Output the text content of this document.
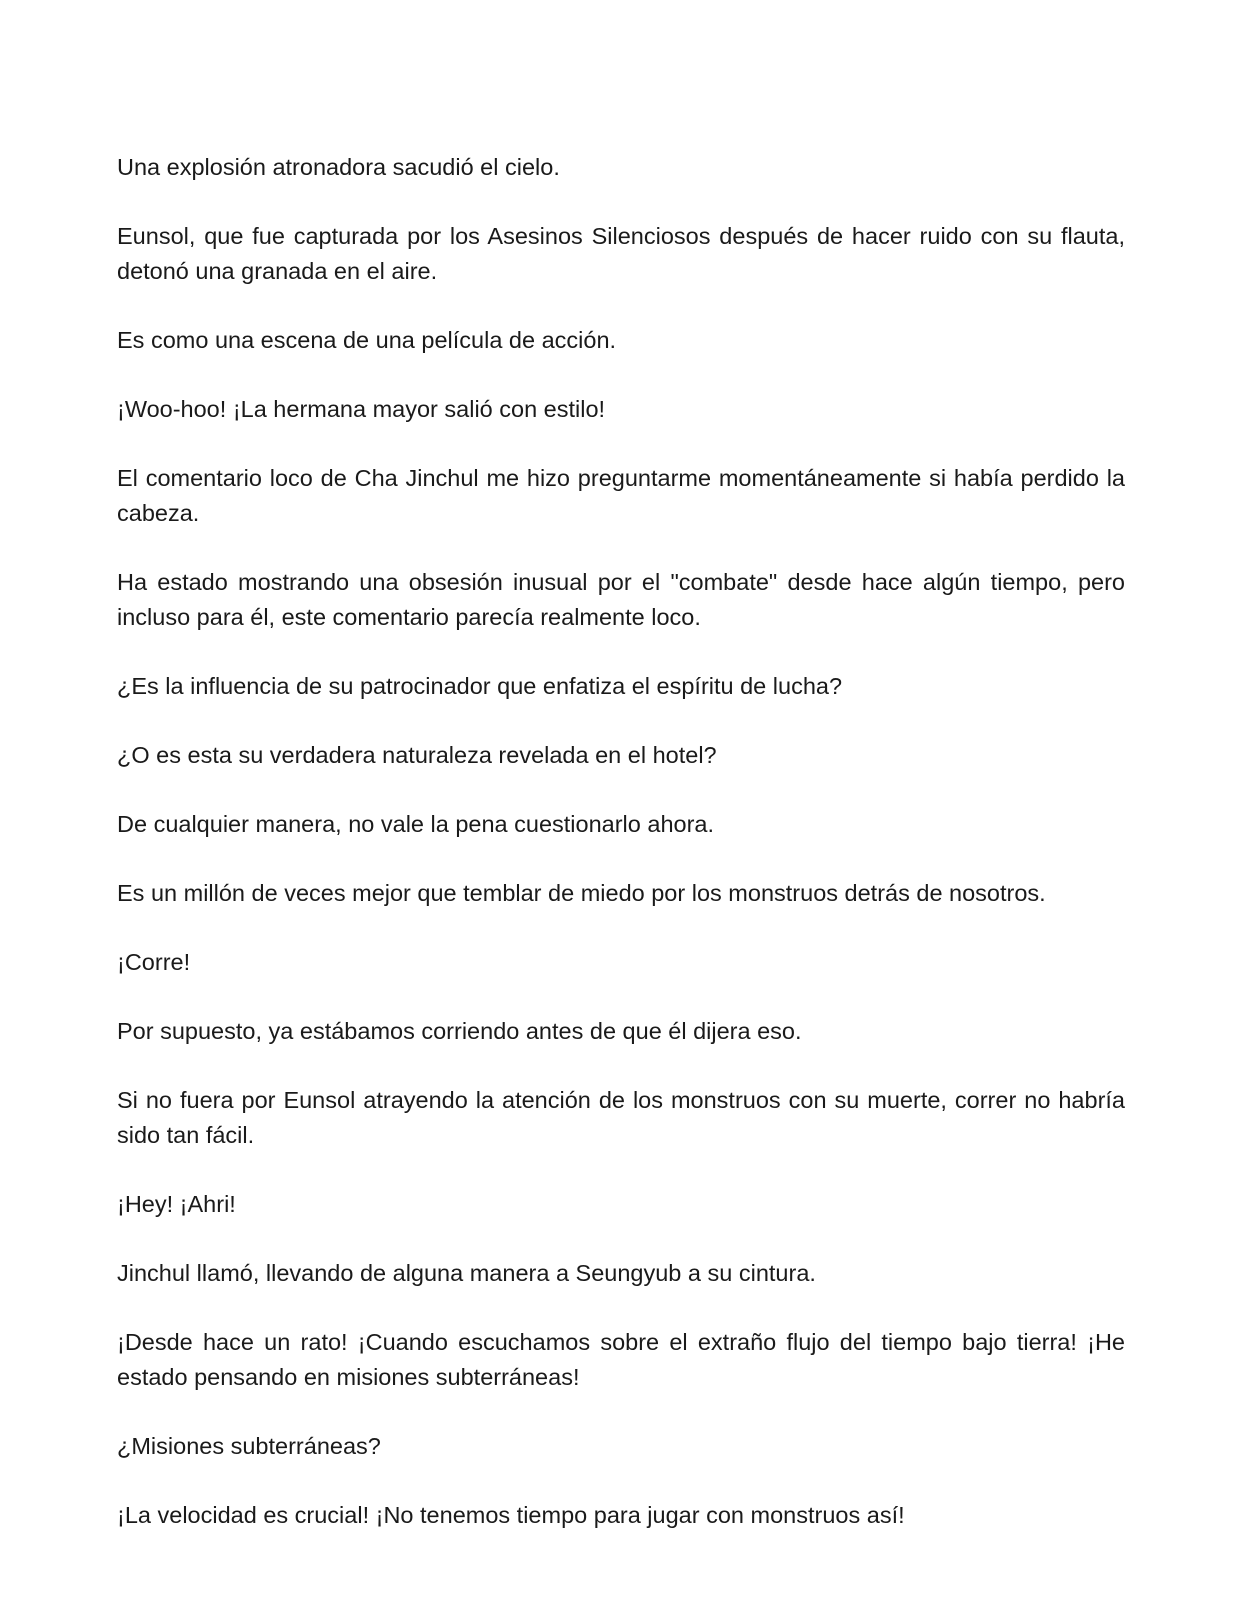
Una explosión atronadora sacudió el cielo.

Eunsol, que fue capturada por los Asesinos Silenciosos después de hacer ruido con su flauta, detonó una granada en el aire.

Es como una escena de una película de acción.

¡Woo-hoo! ¡La hermana mayor salió con estilo!

El comentario loco de Cha Jinchul me hizo preguntarme momentáneamente si había perdido la cabeza.

Ha estado mostrando una obsesión inusual por el "combate" desde hace algún tiempo, pero incluso para él, este comentario parecía realmente loco.

¿Es la influencia de su patrocinador que enfatiza el espíritu de lucha?

¿O es esta su verdadera naturaleza revelada en el hotel?

De cualquier manera, no vale la pena cuestionarlo ahora.

Es un millón de veces mejor que temblar de miedo por los monstruos detrás de nosotros.

¡Corre!

Por supuesto, ya estábamos corriendo antes de que él dijera eso.

Si no fuera por Eunsol atrayendo la atención de los monstruos con su muerte, correr no habría sido tan fácil.

¡Hey! ¡Ahri!

Jinchul llamó, llevando de alguna manera a Seungyub a su cintura.

¡Desde hace un rato! ¡Cuando escuchamos sobre el extraño flujo del tiempo bajo tierra! ¡He estado pensando en misiones subterráneas!

¿Misiones subterráneas?

¡La velocidad es crucial! ¡No tenemos tiempo para jugar con monstruos así!
